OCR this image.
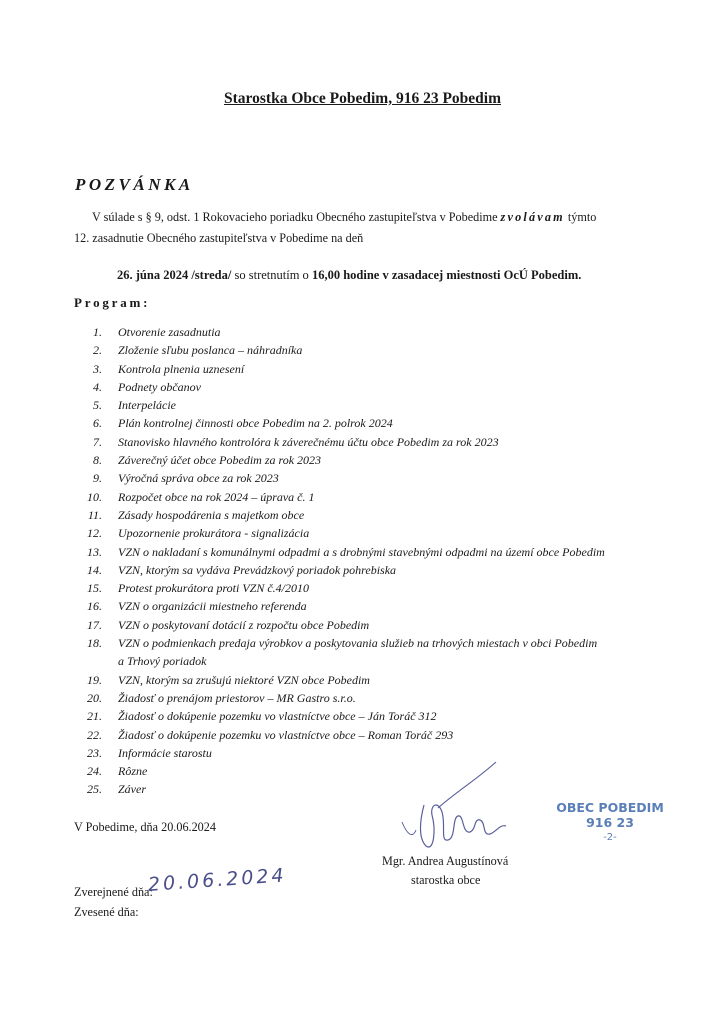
Starostka Obce Pobedim, 916 23 Pobedim
POZVÁNKA
V súlade s § 9, odst. 1 Rokovacieho poriadku Obecného zastupiteľstva v Pobedime zvolávam týmto
12. zasadnutie Obecného zastupiteľstva v Pobedime na deň
26. júna 2024 /streda/ so stretnutím o 16,00 hodine v zasadacej miestnosti OcÚ Pobedim.
Program:
1. Otvorenie zasadnutia
2. Zloženie sľubu poslanca – náhradníka
3. Kontrola plnenia uznesení
4. Podnety občanov
5. Interpelácie
6. Plán kontrolnej činnosti obce Pobedim na 2. polrok 2024
7. Stanovisko hlavného kontrolóra k záverečnému účtu obce Pobedim za rok 2023
8. Záverečný účet obce Pobedim za rok 2023
9. Výročná správa obce za rok 2023
10. Rozpočet obce na rok 2024 – úprava č. 1
11. Zásady hospodárenia s majetkom obce
12. Upozornenie prokurátora - signalizácia
13. VZN o nakladaní s komunálnymi odpadmi a s drobnými stavebnými odpadmi na území obce Pobedim
14. VZN, ktorým sa vydáva Prevádzkový poriadok pohrebiska
15. Protest prokurátora proti VZN č.4/2010
16. VZN o organizácii miestneho referenda
17. VZN o poskytovaní dotácií z rozpočtu obce Pobedim
18. VZN o podmienkach predaja výrobkov a poskytovania služieb na trhových miestach v obci Pobedim
a Trhový poriadok
19. VZN, ktorým sa zrušujú niektoré VZN obce Pobedim
20. Žiadosť o prenájom priestorov – MR Gastro s.r.o.
21. Žiadosť o dokúpenie pozemku vo vlastníctve obce – Ján Toráč 312
22. Žiadosť o dokúpenie pozemku vo vlastníctve obce – Roman Toráč 293
23. Informácie starostu
24. Rôzne
25. Záver
V Pobedime, dňa 20.06.2024
Mgr. Andrea Augustínová
starostka obce
Zverejnené dňa:
20.06.2024
Zvesené dňa:
OBEC POBEDIM
916 23
-2-
